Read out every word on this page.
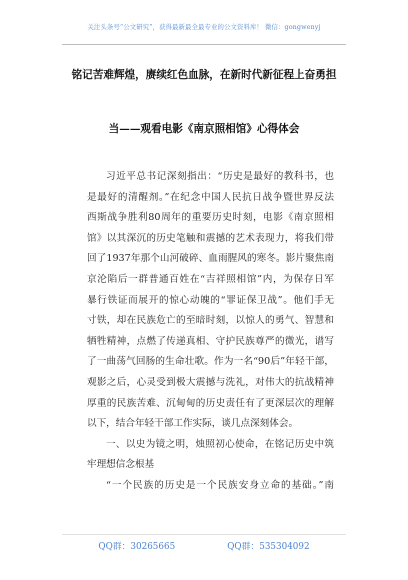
关注头条号“公文研究”，获得最新最全最专业的公文资料库！ 微信：gongwenyj
铭记苦难辉煌，赓续红色血脉，在新时代新征程上奋勇担
当——观看电影《南京照相馆》心得体会
习近平总书记深刻指出：“历史是最好的教科书，也
是最好的清醒剂。”在纪念中国人民抗日战争暨世界反法
西斯战争胜利80周年的重要历史时刻，电影《南京照相
馆》以其深沉的历史笔触和震撼的艺术表现力，将我们带
回了1937年那个山河破碎、血雨腥风的寒冬。影片聚焦南
京沦陷后一群普通百姓在“吉祥照相馆”内，为保存日军
暴行铁证而展开的惊心动魄的“罪证保卫战”。他们手无
寸铁，却在民族危亡的至暗时刻，以惊人的勇气、智慧和
牺牲精神，点燃了传递真相、守护民族尊严的微光，谱写
了一曲荡气回肠的生命壮歌。作为一名“90后”年轻干部，
观影之后，心灵受到极大震撼与洗礼，对伟大的抗战精神
厚重的民族苦难、沉甸甸的历史责任有了更深层次的理解
以下，结合年轻干部工作实际，谈几点深刻体会。
一、以史为镜之明，烛照初心使命，在铭记历史中筑
牢理想信念根基
“一个民族的历史是一个民族安身立命的基础。”南
QQ群：30265665	QQ群：535304092
